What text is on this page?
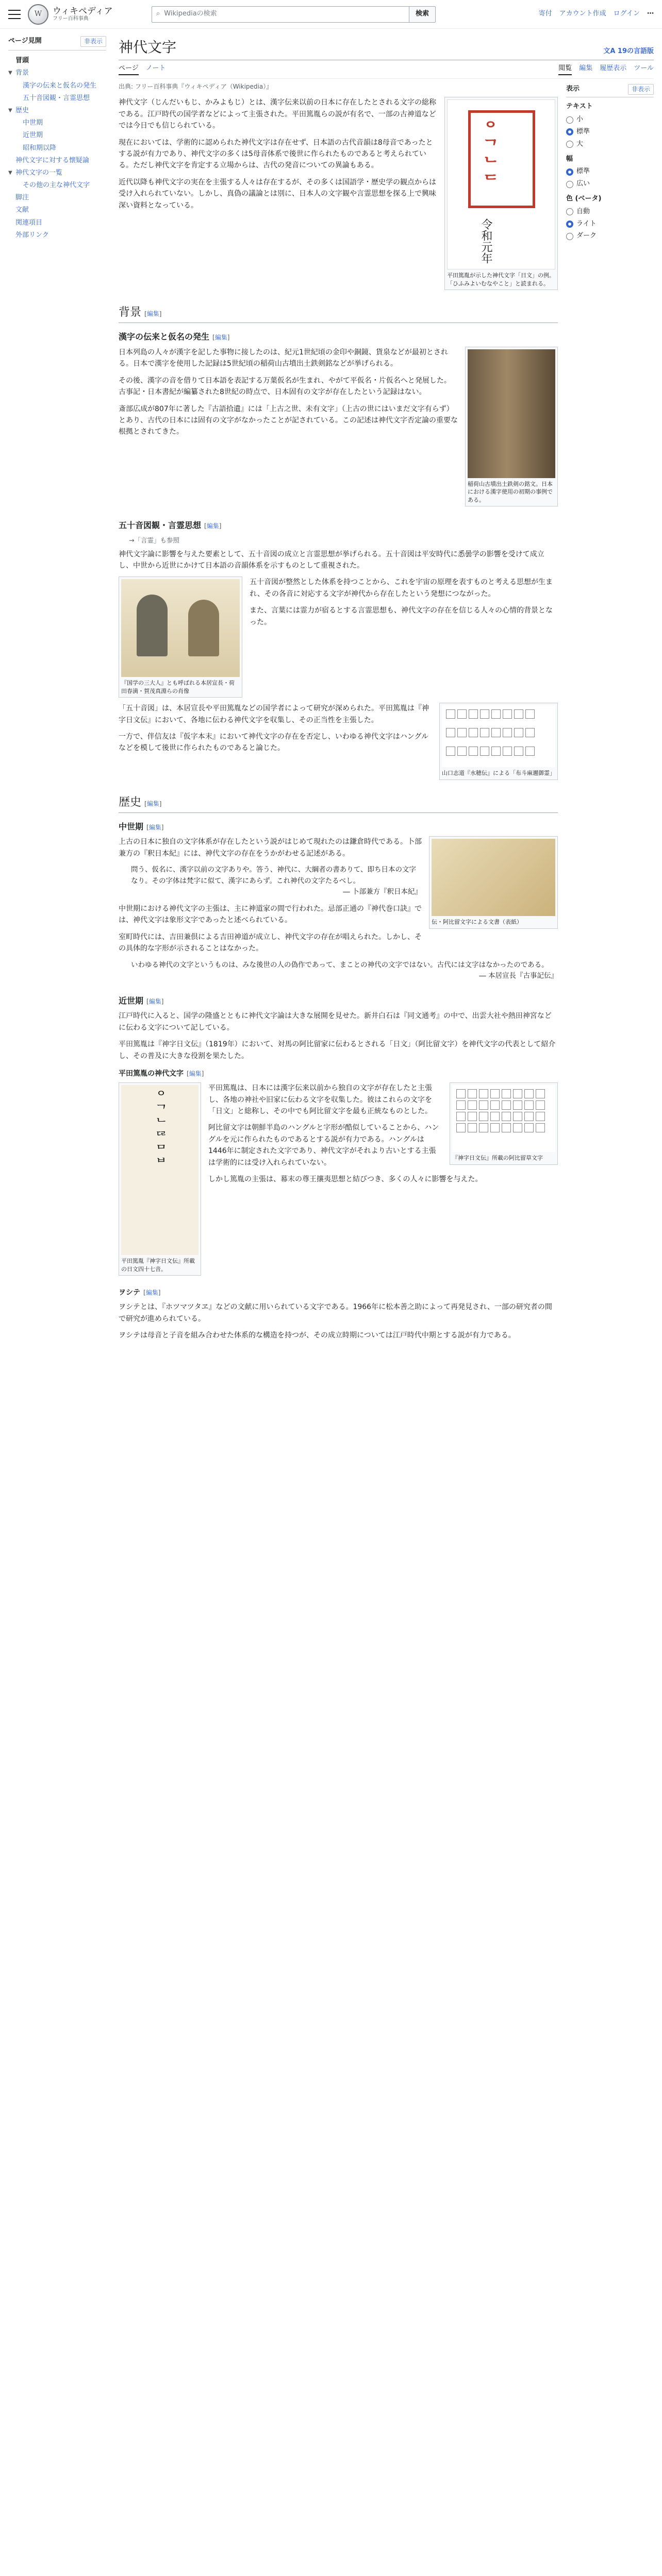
W	ウィキペディア
フリー百科事典
⌕ Wikipediaの検索	検索	寄付 アカウント作成 ログイン ⋯
ページ見開	非表示
冒頭
▼ 背景
漢字の伝来と仮名の発生
五十音図観・言霊思想
▼ 歴史
中世期
近世期
昭和期以降
神代文字に対する懐疑論
▼ 神代文字の一覧
その他の主な神代文字
脚注
文献
関連項目
外部リンク
神代文字	文A 19の言語版
ページ ノート	閲覧 編集 履歴表示 ツール
出典: フリー百科事典『ウィキペディア（Wikipedia）』
ᄋᄀᄂᄃ
令和元年
平田篤胤が示した神代文字「日文」の例。「ひふみよいむなやこと」と読まれる。

神代文字（じんだいもじ、かみよもじ）とは、漢字伝来以前の日本に存在したとされる文字の総称である。江戸時代の国学者などによって主張された。平田篤胤らの説が有名で、一部の古神道などでは今日でも信じられている。

現在においては、学術的に認められた神代文字は存在せず、日本語の古代音韻は8母音であったとする説が有力であり、神代文字の多くは5母音体系で後世に作られたものであると考えられている。ただし神代文字を肯定する立場からは、古代の発音についての異論もある。

近代以降も神代文字の実在を主張する人々は存在するが、その多くは国語学・歴史学の観点からは受け入れられていない。しかし、真偽の議論とは別に、日本人の文字観や言霊思想を探る上で興味深い資料となっている。

背景 [編集]
漢字の伝来と仮名の発生 [編集]
稲荷山古墳出土鉄剣の銘文。日本における漢字使用の初期の事例である。

日本列島の人々が漢字を記した事物に接したのは、紀元1世紀頃の金印や銅鏡、貨泉などが最初とされる。日本で漢字を使用した記録は5世紀頃の稲荷山古墳出土鉄剣銘などが挙げられる。

その後、漢字の音を借りて日本語を表記する万葉仮名が生まれ、やがて平仮名・片仮名へと発展した。古事記・日本書紀が編纂された8世紀の時点で、日本固有の文字が存在したという記録はない。

斎部広成が807年に著した『古語拾遺』には「上古之世、未有文字」（上古の世にはいまだ文字有らず）とあり、古代の日本には固有の文字がなかったことが記されている。この記述は神代文字否定論の重要な根拠とされてきた。

五十音図観・言霊思想 [編集]
→「言霊」も参照

神代文字論に影響を与えた要素として、五十音図の成立と言霊思想が挙げられる。五十音図は平安時代に悉曇学の影響を受けて成立し、中世から近世にかけて日本語の音韻体系を示すものとして重視された。

『国学の三大人』とも呼ばれる本居宣長・荷田春満・賀茂真淵らの肖像

五十音図が整然とした体系を持つことから、これを宇宙の原理を表すものと考える思想が生まれ、その各音に対応する文字が神代から存在したという発想につながった。

また、言葉には霊力が宿るとする言霊思想も、神代文字の存在を信じる人々の心情的背景となった。

山口志道『水穂伝』による「布斗麻邇御霊」

「五十音図」は、本居宣長や平田篤胤などの国学者によって研究が深められた。平田篤胤は『神字日文伝』において、各地に伝わる神代文字を収集し、その正当性を主張した。

一方で、伴信友は『仮字本末』において神代文字の存在を否定し、いわゆる神代文字はハングルなどを模して後世に作られたものであると論じた。

歴史 [編集]
中世期 [編集]
伝・阿比留文字による文書（表紙）

上古の日本に独自の文字体系が存在したという説がはじめて現れたのは鎌倉時代である。卜部兼方の『釈日本紀』には、神代文字の存在をうかがわせる記述がある。

問う、仮名に、漢字以前の文字ありや。答う、神代に、大綱者の書ありて、即ち日本の文字なり。その字体は梵字に似て、漢字にあらず。これ神代の文字たるべし。
― 卜部兼方『釈日本紀』

中世期における神代文字の主張は、主に神道家の間で行われた。忌部正通の『神代巻口訣』では、神代文字は象形文字であったと述べられている。

室町時代には、吉田兼倶による吉田神道が成立し、神代文字の存在が唱えられた。しかし、その具体的な字形が示されることはなかった。

いわゆる神代の文字というものは、みな後世の人の偽作であって、まことの神代の文字ではない。古代には文字はなかったのである。
― 本居宣長『古事記伝』
近世期 [編集]

江戸時代に入ると、国学の隆盛とともに神代文字論は大きな展開を見せた。新井白石は『同文通考』の中で、出雲大社や熱田神宮などに伝わる文字について記している。

平田篤胤は『神字日文伝』（1819年）において、対馬の阿比留家に伝わるとされる「日文」（阿比留文字）を神代文字の代表として紹介し、その普及に大きな役割を果たした。

平田篤胤の神代文字 [編集]
ᄋᄀᄂᄃᄅᄆᄇ
平田篤胤『神字日文伝』所載の日文四十七音。
『神字日文伝』所載の阿比留草文字

平田篤胤は、日本には漢字伝来以前から独自の文字が存在したと主張し、各地の神社や旧家に伝わる文字を収集した。彼はこれらの文字を「日文」と総称し、その中でも阿比留文字を最も正統なものとした。

阿比留文字は朝鮮半島のハングルと字形が酷似していることから、ハングルを元に作られたものであるとする説が有力である。ハングルは1446年に制定された文字であり、神代文字がそれより古いとする主張は学術的には受け入れられていない。

しかし篤胤の主張は、幕末の尊王攘夷思想と結びつき、多くの人々に影響を与えた。

ヲシテ [編集]

ヲシテとは、『ホツマツタヱ』などの文献に用いられている文字である。1966年に松本善之助によって再発見され、一部の研究者の間で研究が進められている。

ヲシテは母音と子音を組み合わせた体系的な構造を持つが、その成立時期については江戸時代中期とする説が有力である。

表示	非表示
テキスト
小
標準
大
幅
標準
広い
色 (ベータ)
自動
ライト
ダーク
